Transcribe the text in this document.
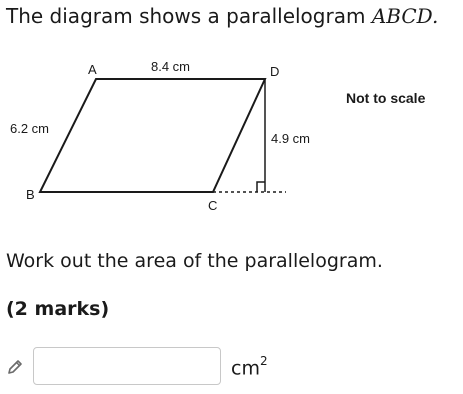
The diagram shows a parallelogram ABCD.
A	D
B
C
8.4 cm
6.2 cm
4.9 cm
Not to scale
Work out the area of the parallelogram.
(2 marks)
$cm^2$
